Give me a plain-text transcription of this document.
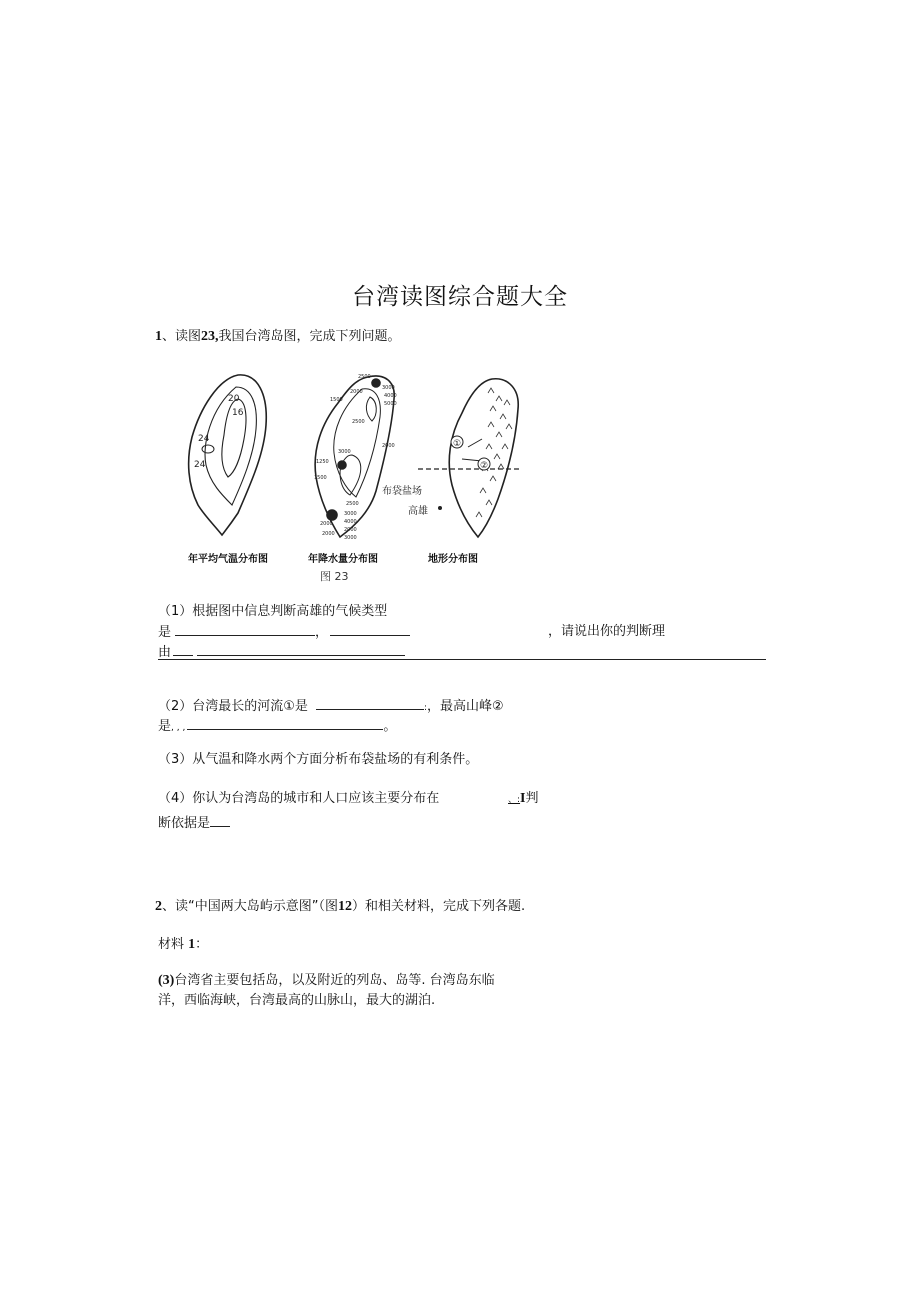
台湾读图综合题大全
1、读图23,我国台湾岛图，完成下列问题。
20
16
24
24
年平均气温分布图
2500
2000
3000
4000
5000
1500
2500
1250
1500
3000
2000
2500
3000
4000
2000
3000
2000
2000
年降水量分布图
图 23
①
②
布袋盐场
高雄
地形分布图
（1）根据图中信息判断高雄的气候类型
是	，	，请说出你的判断理
由
（2）台湾最长的河流①是	:，最高山峰②
是, , ,	。
（3）从气温和降水两个方面分析布袋盐场的有利条件。
（4）你认为台湾岛的城市和人口应该主要分布在	、:I判
断依据是
2、读“中国两大岛屿示意图”（图12）和相关材料，完成下列各题.
材料 1：
(3)台湾省主要包括岛，以及附近的列岛、岛等. 台湾岛东临
洋，西临海峡，台湾最高的山脉山，最大的湖泊.
